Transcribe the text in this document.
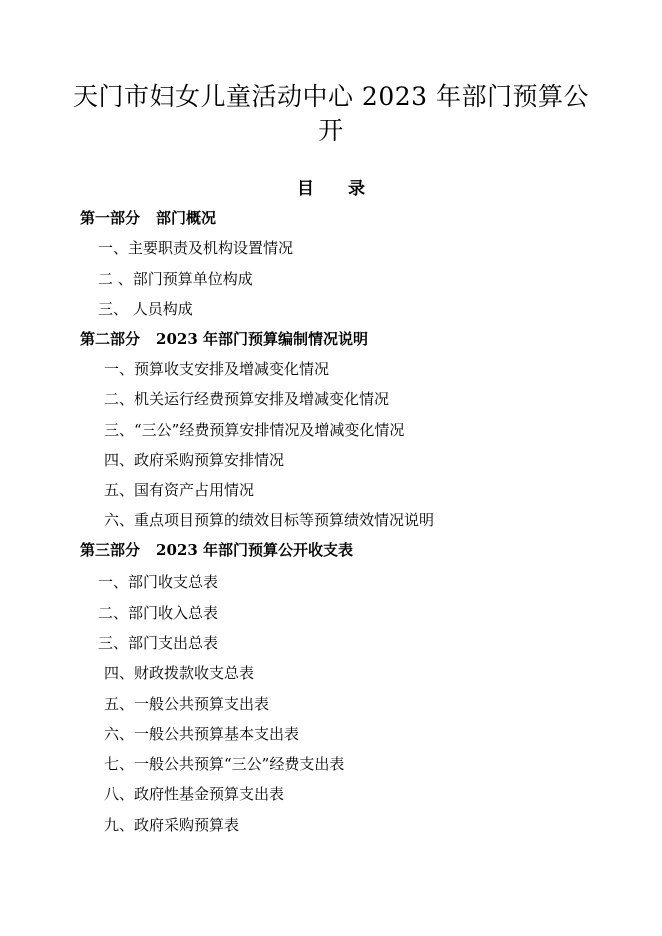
天门市妇女儿童活动中心 2023 年部门预算公
开
目 录
第一部分 部门概况
一、主要职责及机构设置情况
二 、部门预算单位构成
三、 人员构成
第二部分 2023 年部门预算编制情况说明
一、预算收支安排及增减变化情况
二、机关运行经费预算安排及增减变化情况
三、“三公”经费预算安排情况及增减变化情况
四、政府采购预算安排情况
五、国有资产占用情况
六、重点项目预算的绩效目标等预算绩效情况说明
第三部分 2023 年部门预算公开收支表
一、部门收支总表
二、部门收入总表
三、部门支出总表
四、财政拨款收支总表
五、一般公共预算支出表
六、一般公共预算基本支出表
七、一般公共预算“三公”经费支出表
八、政府性基金预算支出表
九、政府采购预算表
